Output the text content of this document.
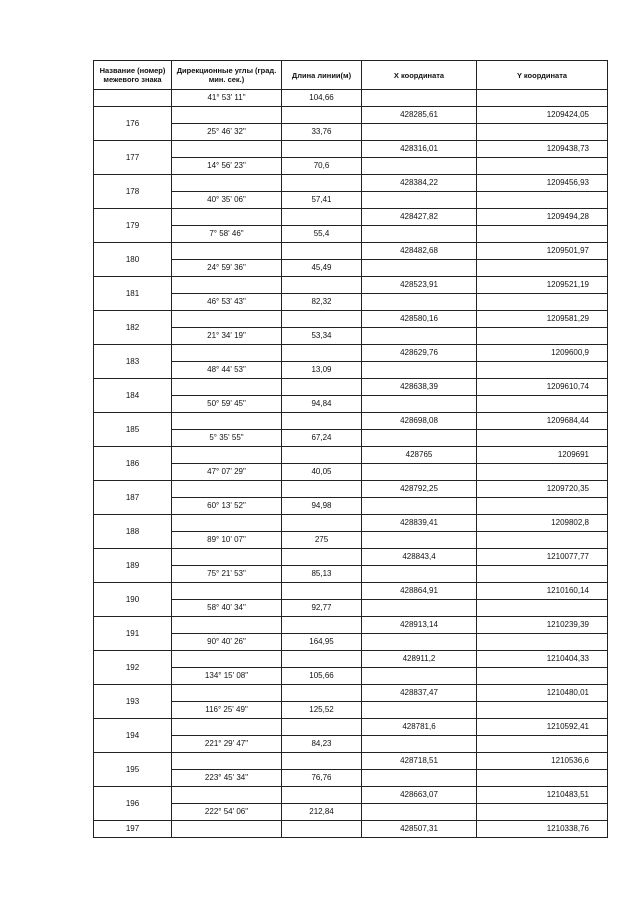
Название (номер) межевого знака	Дирекционные углы (град. мин. сек.)	Длина линии(м)	Х координата	Y координата
	41° 53' 11"	104,66		
176			428285,61	1209424,05
	25° 46' 32"	33,76		
177			428316,01	1209438,73
	14° 56' 23"	70,6		
178			428384,22	1209456,93
	40° 35' 06"	57,41		
179			428427,82	1209494,28
	7° 58' 46"	55,4		
180			428482,68	1209501,97
	24° 59' 36"	45,49		
181			428523,91	1209521,19
	46° 53' 43"	82,32		
182			428580,16	1209581,29
	21° 34' 19"	53,34		
183			428629,76	1209600,9
	48° 44' 53"	13,09		
184			428638,39	1209610,74
	50° 59' 45"	94,84		
185			428698,08	1209684,44
	5° 35' 55"	67,24		
186			428765	1209691
	47° 07' 29"	40,05		
187			428792,25	1209720,35
	60° 13' 52"	94,98		
188			428839,41	1209802,8
	89° 10' 07"	275		
189			428843,4	1210077,77
	75° 21' 53"	85,13		
190			428864,91	1210160,14
	58° 40' 34"	92,77		
191			428913,14	1210239,39
	90° 40' 26"	164,95		
192			428911,2	1210404,33
	134° 15' 08"	105,66		
193			428837,47	1210480,01
	116° 25' 49"	125,52		
194			428781,6	1210592,41
	221° 29' 47"	84,23		
195			428718,51	1210536,6
	223° 45' 34"	76,76		
196			428663,07	1210483,51
	222° 54' 06"	212,84		
197			428507,31	1210338,76
